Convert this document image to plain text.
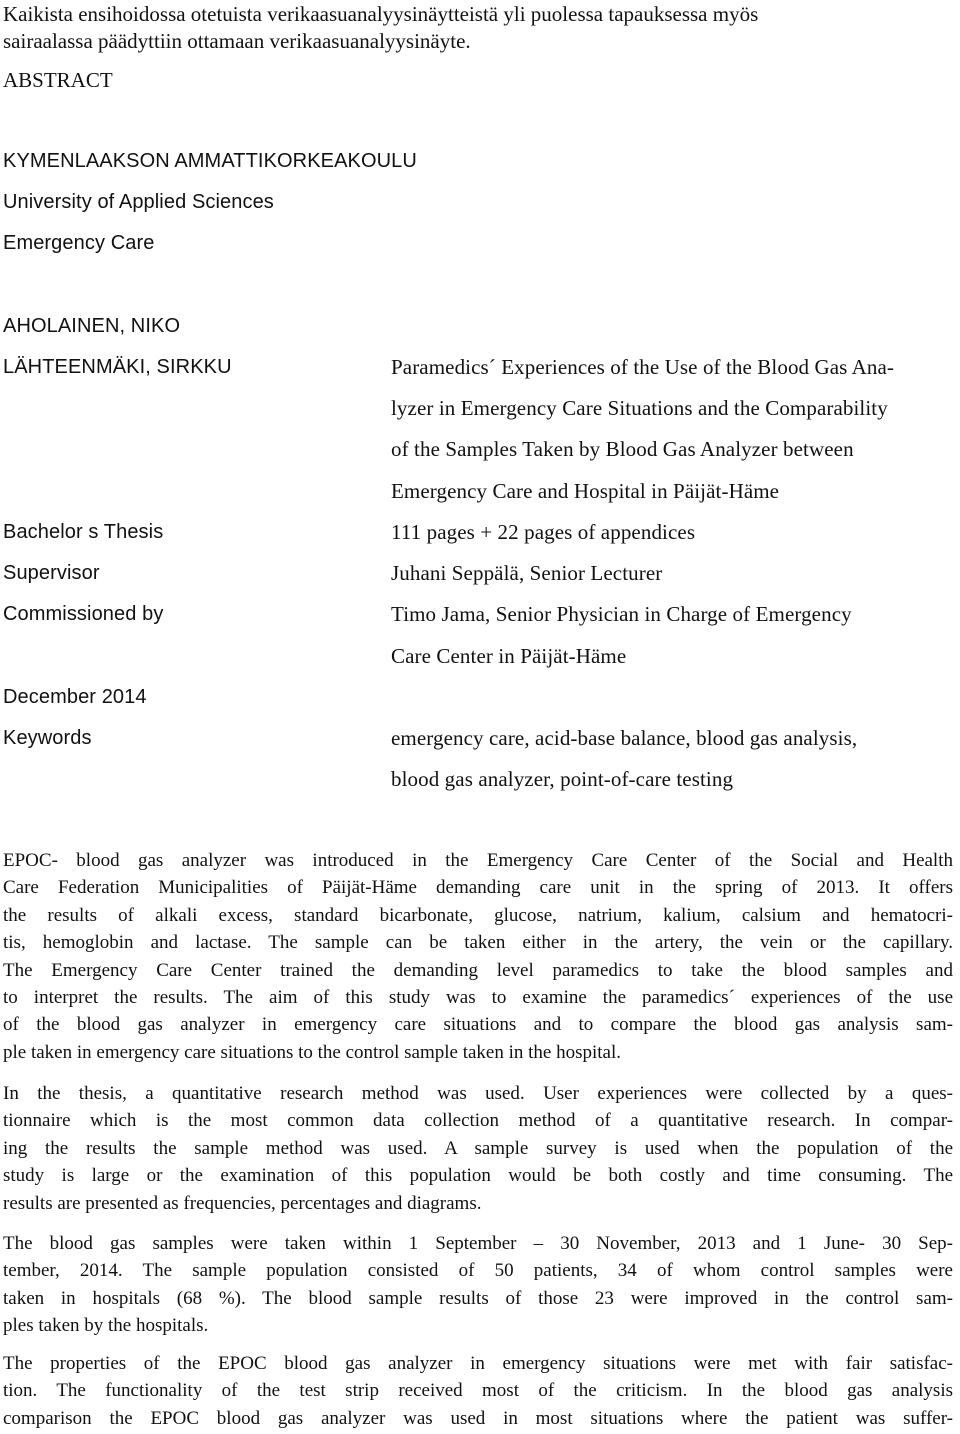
Kaikista ensihoidossa otetuista verikaasuanalyysinäytteistä yli puolessa tapauksessa myös
sairaalassa päädyttiin ottamaan verikaasuanalyysinäyte.
ABSTRACT
KYMENLAAKSON AMMATTIKORKEAKOULU
University of Applied Sciences
Emergency Care
AHOLAINEN, NIKO
LÄHTEENMÄKI, SIRKKU	Paramedics´ Experiences of the Use of the Blood Gas Ana-
lyzer in Emergency Care Situations and the Comparability
of the Samples Taken by Blood Gas Analyzer between
Emergency Care and Hospital in Päijät-Häme
Bachelor s Thesis	111 pages + 22 pages of appendices
Supervisor	Juhani Seppälä, Senior Lecturer
Commissioned by	Timo Jama, Senior Physician in Charge of Emergency
Care Center in Päijät-Häme
December 2014
Keywords	emergency care, acid-base balance, blood gas analysis,
blood gas analyzer, point-of-care testing
EPOC- blood gas analyzer was introduced in the Emergency Care Center of the Social and Health
Care Federation Municipalities of Päijät-Häme demanding care unit in the spring of 2013. It offers
the results of alkali excess, standard bicarbonate, glucose, natrium, kalium, calsium and hematocri-
tis, hemoglobin and lactase. The sample can be taken either in the artery, the vein or the capillary.
The Emergency Care Center trained the demanding level paramedics to take the blood samples and
to interpret the results. The aim of this study was to examine the paramedics´ experiences of the use
of the blood gas analyzer in emergency care situations and to compare the blood gas analysis sam-
ple taken in emergency care situations to the control sample taken in the hospital.
In the thesis, a quantitative research method was used. User experiences were collected by a ques-
tionnaire which is the most common data collection method of a quantitative research. In compar-
ing the results the sample method was used. A sample survey is used when the population of the
study is large or the examination of this population would be both costly and time consuming. The
results are presented as frequencies, percentages and diagrams.
The blood gas samples were taken within 1 September – 30 November, 2013 and 1 June- 30 Sep-
tember, 2014. The sample population consisted of 50 patients, 34 of whom control samples were
taken in hospitals (68 %). The blood sample results of those 23 were improved in the control sam-
ples taken by the hospitals.
The properties of the EPOC blood gas analyzer in emergency situations were met with fair satisfac-
tion. The functionality of the test strip received most of the criticism. In the blood gas analysis
comparison the EPOC blood gas analyzer was used in most situations where the patient was suffer-
